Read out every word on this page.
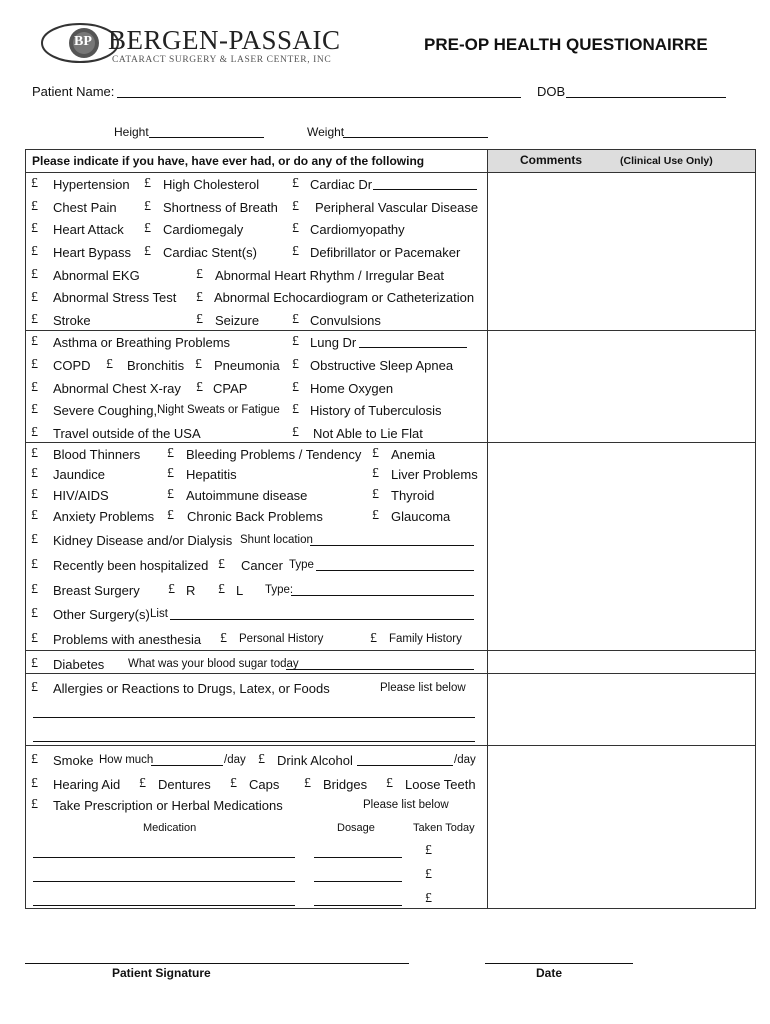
BP BERGEN-PASSAIC
CATARACT SURGERY & LASER CENTER, INC
PRE-OP HEALTH QUESTIONAIRRE
Patient Name:	DOB
Height	Weight
Please indicate if you have, have ever had, or do any of the following	Comments	(Clinical Use Only)
£ Hypertension £ High Cholesterol £ Cardiac Dr
£ Chest Pain £ Shortness of Breath £ Peripheral Vascular Disease
£ Heart Attack £ Cardiomegaly	£ Cardiomyopathy
£ Heart Bypass £ Cardiac Stent(s)	£ Defibrillator or Pacemaker
£ Abnormal EKG	£ Abnormal Heart Rhythm / Irregular Beat
£ Abnormal Stress Test £ Abnormal Echocardiogram or Catheterization
£ Stroke	£ Seizure £ Convulsions
£ Asthma or Breathing Problems	£ Lung Dr
£ COPD £ Bronchitis £ Pneumonia £ Obstructive Sleep Apnea
£ Abnormal Chest X-ray £ CPAP	£ Home Oxygen
£ Severe Coughing, Night Sweats or Fatigue £ History of Tuberculosis
£ Travel outside of the USA	£ Not Able to Lie Flat
£ Blood Thinners £ Bleeding Problems / Tendency £ Anemia
£ Jaundice	£ Hepatitis	£ Liver Problems
£ HIV/AIDS	£ Autoimmune disease	£ Thyroid
£ Anxiety Problems £ Chronic Back Problems	£ Glaucoma
£ Kidney Disease and/or Dialysis Shunt location
£ Recently been hospitalized £ Cancer Type
£ Breast Surgery £ R £ L Type:
£ Other Surgery(s) List
£ Problems with anesthesia £ Personal History	£ Family History
£ Diabetes What was your blood sugar today
£ Allergies or Reactions to Drugs, Latex, or Foods	Please list below
£ Smoke How much	/day £ Drink Alcohol	/day
£ Hearing Aid £ Dentures £ Caps £ Bridges £ Loose Teeth
£ Take Prescription or Herbal Medications	Please list below
Medication	Dosage	Taken Today
£
£
£
Patient Signature	Date
